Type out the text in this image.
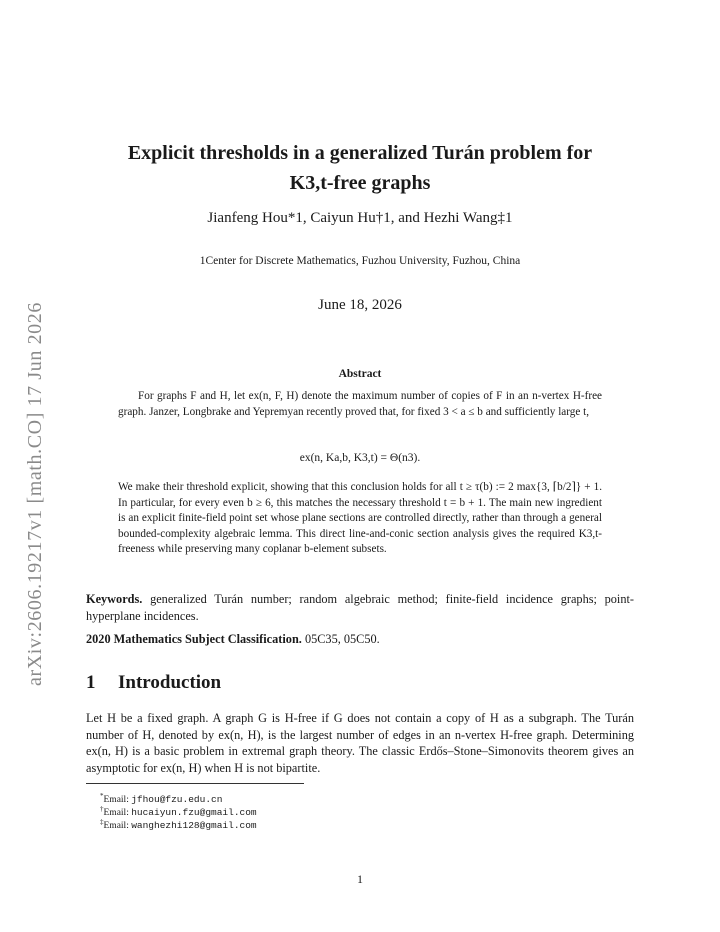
arXiv:2606.19217v1 [math.CO] 17 Jun 2026
Explicit thresholds in a generalized Turán problem for
K3,t-free graphs
Jianfeng Hou*1, Caiyun Hu†1, and Hezhi Wang‡1
1Center for Discrete Mathematics, Fuzhou University, Fuzhou, China
June 18, 2026
Abstract
For graphs F and H, let ex(n, F, H) denote the maximum number of copies of F in an n-vertex H-free graph. Janzer, Longbrake and Yepremyan recently proved that, for fixed 3 < a ≤ b and sufficiently large t,
ex(n, Ka,b, K3,t) = Θ(n3).
We make their threshold explicit, showing that this conclusion holds for all t ≥ τ(b) := 2 max{3, ⌈b/2⌉} + 1. In particular, for every even b ≥ 6, this matches the necessary threshold t = b + 1. The main new ingredient is an explicit finite-field point set whose plane sections are controlled directly, rather than through a general bounded-complexity algebraic lemma. This direct line-and-conic section analysis gives the required K3,t-freeness while preserving many coplanar b-element subsets.
Keywords. generalized Turán number; random algebraic method; finite-field incidence graphs; point-hyperplane incidences.
2020 Mathematics Subject Classification. 05C35, 05C50.
1 Introduction
Let H be a fixed graph. A graph G is H-free if G does not contain a copy of H as a subgraph. The Turán number of H, denoted by ex(n, H), is the largest number of edges in an n-vertex H-free graph. Determining ex(n, H) is a basic problem in extremal graph theory. The classic Erdős–Stone–Simonovits theorem gives an asymptotic for ex(n, H) when H is not bipartite.
*Email: jfhou@fzu.edu.cn
†Email: hucaiyun.fzu@gmail.com
‡Email: wanghezhi128@gmail.com
1
